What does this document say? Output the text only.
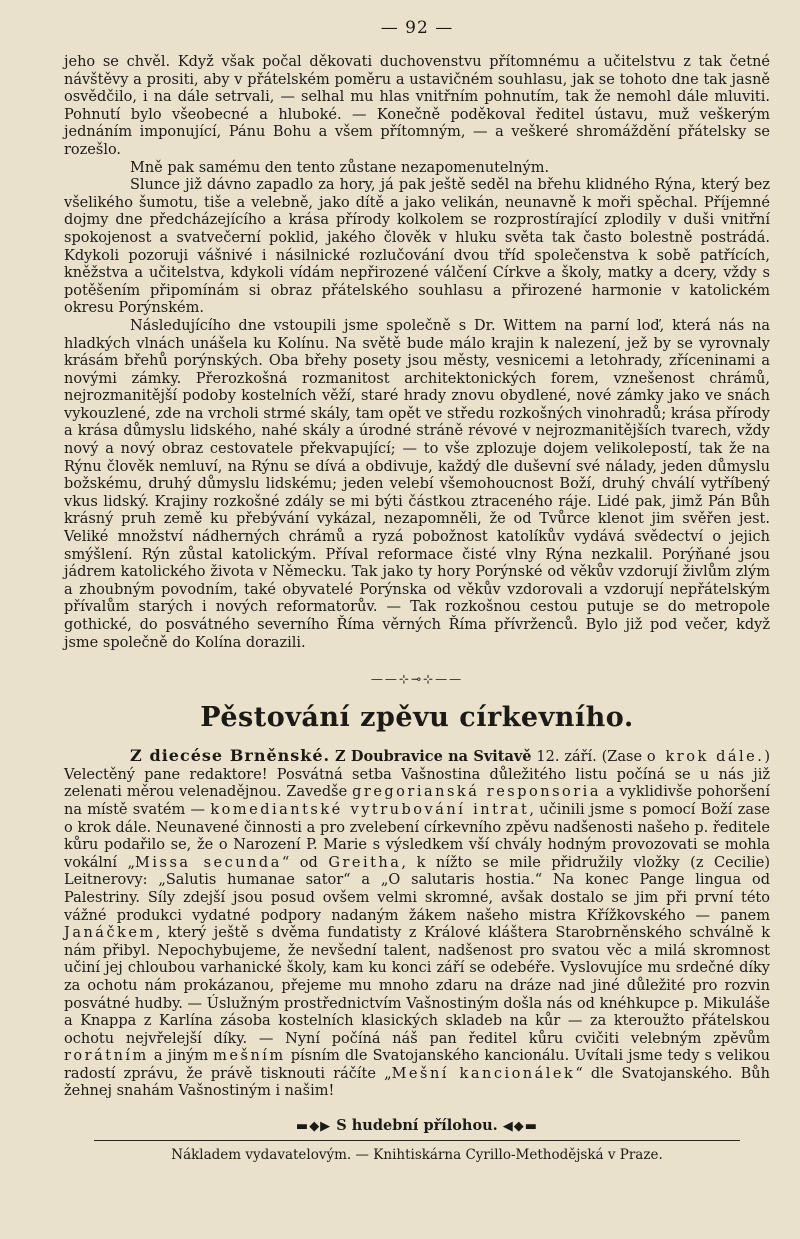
— 92 —

jeho se chvěl. Když však počal děkovati duchovenstvu přítomnému a učitelstvu z tak četné návštěvy a prositi, aby v přátelském poměru a ustavičném souhlasu, jak se tohoto dne tak jasně osvědčilo, i na dále setrvali, — selhal mu hlas vnitřním pohnutím, tak že nemohl dále mluviti. Pohnutí bylo všeobecné a hluboké. — Konečně poděkoval ředitel ústavu, muž veškerým jednáním imponující, Pánu Bohu a všem přítomným, — a veškeré shromáždění přátelsky se rozešlo.

Mně pak samému den tento zůstane nezapomenutelným.

Slunce již dávno zapadlo za hory, já pak ještě seděl na břehu klidného Rýna, který bez všelikého šumotu, tiše a velebně, jako dítě a jako velikán, neunavně k moři spěchal. Příjemné dojmy dne předcházejícího a krása přírody kolkolem se rozprostírající zplodily v duši vnitřní spokojenost a svatvečerní poklid, jakého člověk v hluku světa tak často bolestně postrádá. Kdykoli pozoruji vášnivé i násilnické rozlučování dvou tříd společenstva k sobě patřících, kněžstva a učitelstva, kdykoli vídám nepřirozené válčení Církve a školy, matky a dcery, vždy s potěšením připomínám si obraz přátelského souhlasu a přirozené harmonie v katolickém okresu Porýnském.

Následujícího dne vstoupili jsme společně s Dr. Wittem na parní loď, která nás na hladkých vlnách unášela ku Kolínu. Na světě bude málo krajin k nalezení, jež by se vyrovnaly krásám břehů porýnských. Oba břehy posety jsou městy, vesnicemi a letohrady, zříceninami a novými zámky. Přerozkošná rozmanitost architektonických forem, vznešenost chrámů, nejrozmanitější podoby kostelních věží, staré hrady znovu obydlené, nové zámky jako ve snách vykouzlené, zde na vrcholi strmé skály, tam opět ve středu rozkošných vinohradů; krása přírody a krása důmyslu lidského, nahé skály a úrodné stráně révové v nejrozmanitějších tvarech, vždy nový a nový obraz cestovatele překvapující; — to vše zplozuje dojem velikolepostí, tak že na Rýnu člověk nemluví, na Rýnu se dívá a obdivuje, každý dle duševní své nálady, jeden důmyslu božskému, druhý důmyslu lidskému; jeden velebí všemohoucnost Boží, druhý chválí vytříbený vkus lidský. Krajiny rozkošné zdály se mi býti částkou ztraceného ráje. Lidé pak, jimž Pán Bůh krásný pruh země ku přebývání vykázal, nezapomněli, že od Tvůrce klenot jim svěřen jest. Veliké množství nádherných chrámů a ryzá pobožnost katolíkův vydává svědectví o jejich smýšlení. Rýn zůstal katolickým. Příval reformace čisté vlny Rýna nezkalil. Porýňané jsou jádrem katolického života v Německu. Tak jako ty hory Porýnské od věkův vzdorují živlům zlým a zhoubným povodním, také obyvatelé Porýnska od věkův vzdorovali a vzdorují nepřátelským přívalům starých i nových reformatorův. — Tak rozkošnou cestou putuje se do metropole gothické, do posvátného severního Říma věrných Říma přívrženců. Bylo již pod večer, když jsme společně do Kolína dorazili.

——⊹⊸⊹——
Pěstování zpěvu církevního.

Z diecése Brněnské. Z Doubravice na Svitavě 12. září. (Zase o krok dále.) Velectěný pane redaktore! Posvátná setba Vašnostina důležitého listu počíná se u nás již zelenati měrou velenadějnou. Zavedše gregorianská responsoria a vyklidivše pohoršení na místě svatém — komediantské vytrubování intrat, učinili jsme s pomocí Boží zase o krok dále. Neunavené činnosti a pro zvelebení církevního zpěvu nadšenosti našeho p. ředitele kůru podařilo se, že o Narození P. Marie s výsledkem vší chvály hodným provozovati se mohla vokální „Missa secunda“ od Greitha, k nížto se mile přidružily vložky (z Cecilie) Leitnerovy: „Salutis humanae sator“ a „O salutaris hostia.“ Na konec Pange lingua od Palestriny. Síly zdejší jsou posud ovšem velmi skromné, avšak dostalo se jim při první této vážné produkci vydatné podpory nadaným žákem našeho mistra Křížkovského — panem Janáčkem, který ještě s dvěma fundatisty z Králové kláštera Starobrněnského schválně k nám přibyl. Nepochybujeme, že nevšední talent, nadšenost pro svatou věc a milá skromnost učiní jej chloubou varhanické školy, kam ku konci září se odebéře. Vyslovujíce mu srdečné díky za ochotu nám prokázanou, přejeme mu mnoho zdaru na dráze nad jiné důležité pro rozvin posvátné hudby. — Úslužným prostřednictvím Vašnostiným došla nás od knéhkupce p. Mikuláše a Knappa z Karlína zásoba kostelních klasických skladeb na kůr — za kteroužto přátelskou ochotu nejvřelejší díky. — Nyní počíná náš pan ředitel kůru cvičiti velebným zpěvům rorátním a jiným mešním písním dle Svatojanského kancionálu. Uvítali jsme tedy s velikou radostí zprávu, že právě tisknouti ráčíte „Mešní kancionálek“ dle Svatojanského. Bůh žehnej snahám Vašnostiným i našim!

▬◆▶ S hudební přílohou. ◀◆▬
Nákladem vydavatelovým. — Knihtiskárna Cyrillo-Methodějská v Praze.
